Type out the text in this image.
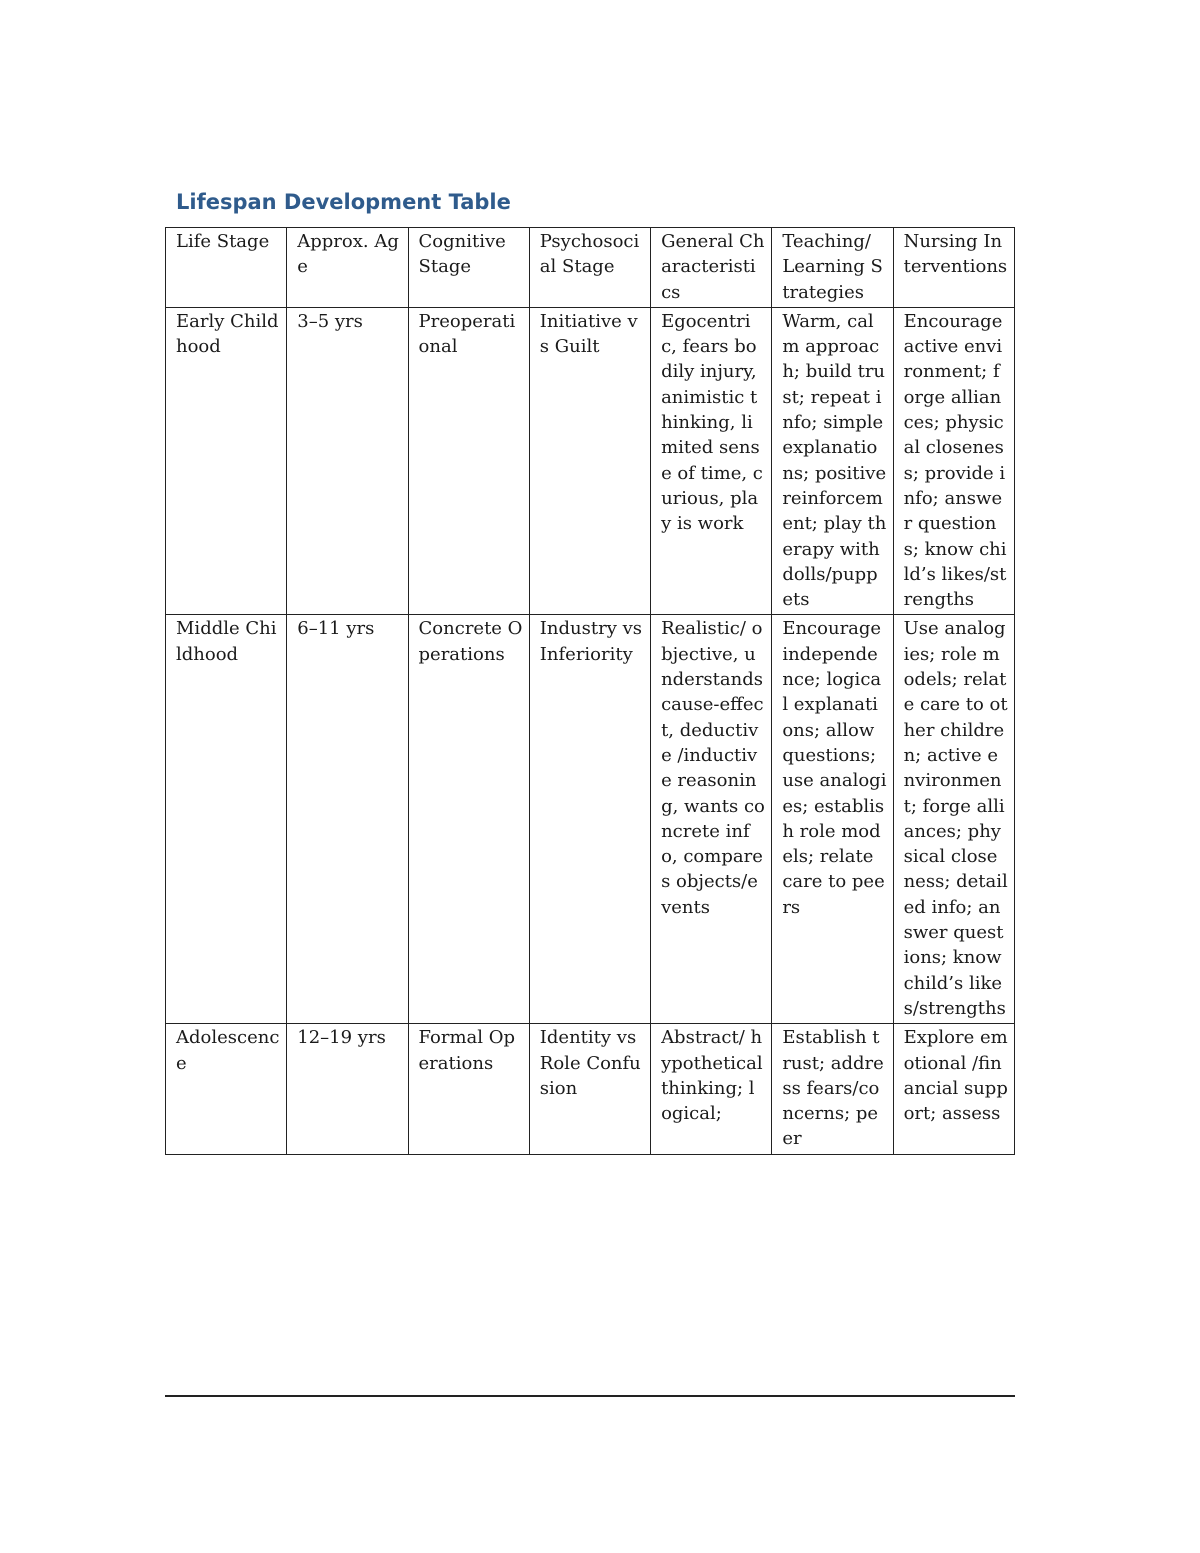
Lifespan Development Table
Life Stage	Approx. Age	Cognitive Stage	Psychosocial Stage	General Characteristics	Teaching/ Learning Strategies	Nursing Interventions
Early Childhood	3–5 yrs	Preoperational	Initiative vs Guilt	Egocentric, fears bodily injury, animistic thinking, limited sense of time, curious, play is work	Warm, calm approach; build trust; repeat info; simple explanations; positive reinforcement; play therapy with dolls/puppets	Encourage active environment; forge alliances; physical closeness; provide info; answer questions; know child’s likes/strengths
Middle Childhood	6–11 yrs	Concrete Operations	Industry vs Inferiority	Realistic/ objective, understands cause-effect, deductive /inductive reasoning, wants concrete info, compares objects/events	Encourage independence; logical explanations; allow questions; use analogies; establish role models; relate care to peers	Use analogies; role models; relate care to other children; active environment; forge alliances; physical closeness; detailed info; answer questions; know child’s likes/strengths
Adolescence	12–19 yrs	Formal Operations	Identity vs Role Confusion	Abstract/ hypothetical thinking; logical;	Establish trust; address fears/concerns; peer	Explore emotional /financial support; assess
